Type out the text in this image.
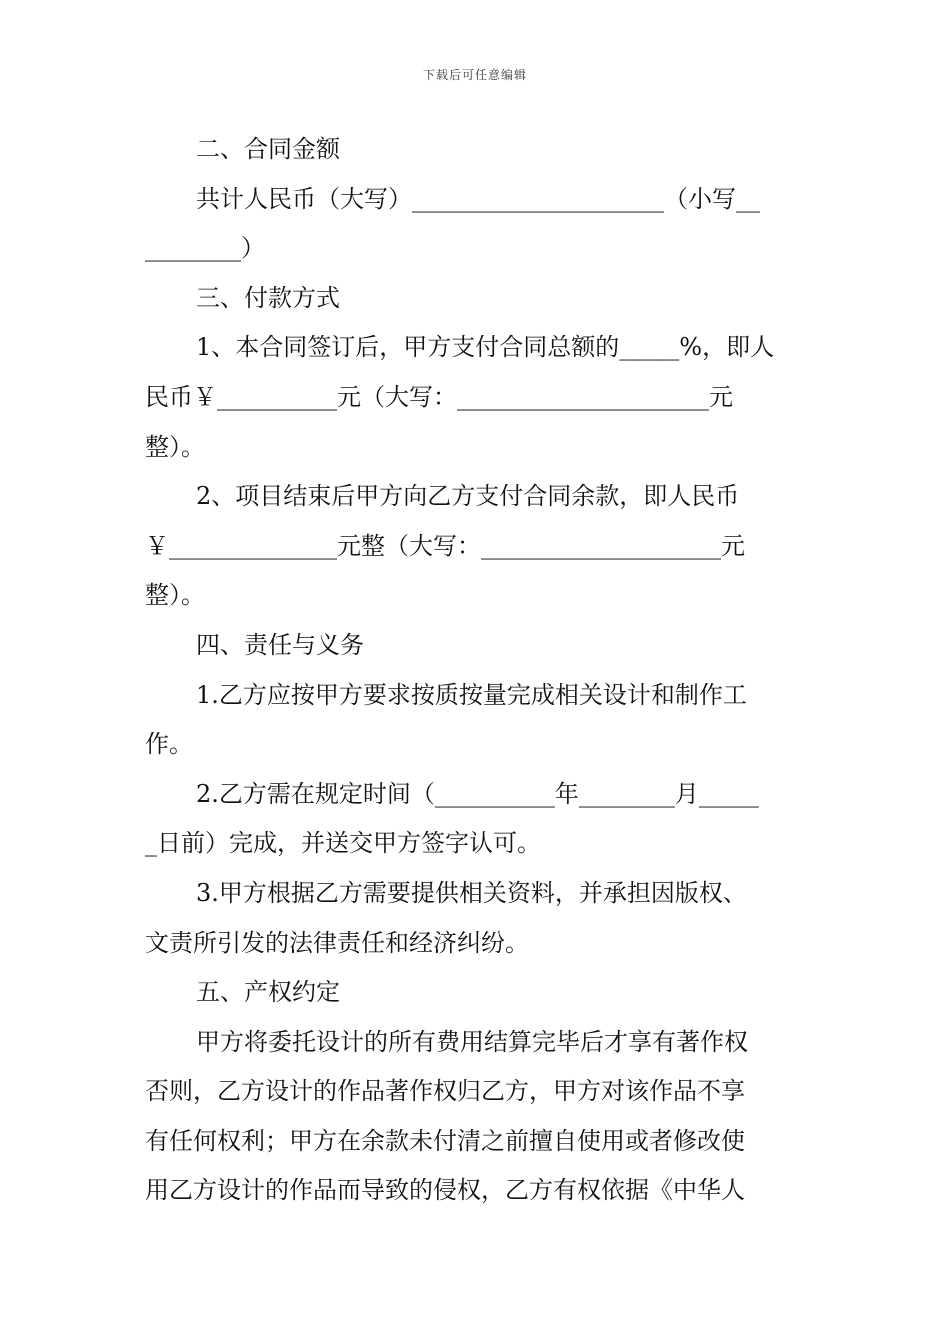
下载后可任意编辑
二、合同金额
共计人民币（大写）_____________________（小写__
________）
三、付款方式
1、本合同签订后，甲方支付合同总额的_____%，即人
民币￥__________元（大写：_____________________元
整）。
2、项目结束后甲方向乙方支付合同余款，即人民币
￥______________元整（大写：____________________元
整）。
四、责任与义务
1.乙方应按甲方要求按质按量完成相关设计和制作工
作。
2.乙方需在规定时间（__________年________月_____
_日前）完成，并送交甲方签字认可。
3.甲方根据乙方需要提供相关资料，并承担因版权、
文责所引发的法律责任和经济纠纷。
五、产权约定
甲方将委托设计的所有费用结算完毕后才享有著作权
否则，乙方设计的作品著作权归乙方，甲方对该作品不享
有任何权利；甲方在余款未付清之前擅自使用或者修改使
用乙方设计的作品而导致的侵权，乙方有权依据《中华人
